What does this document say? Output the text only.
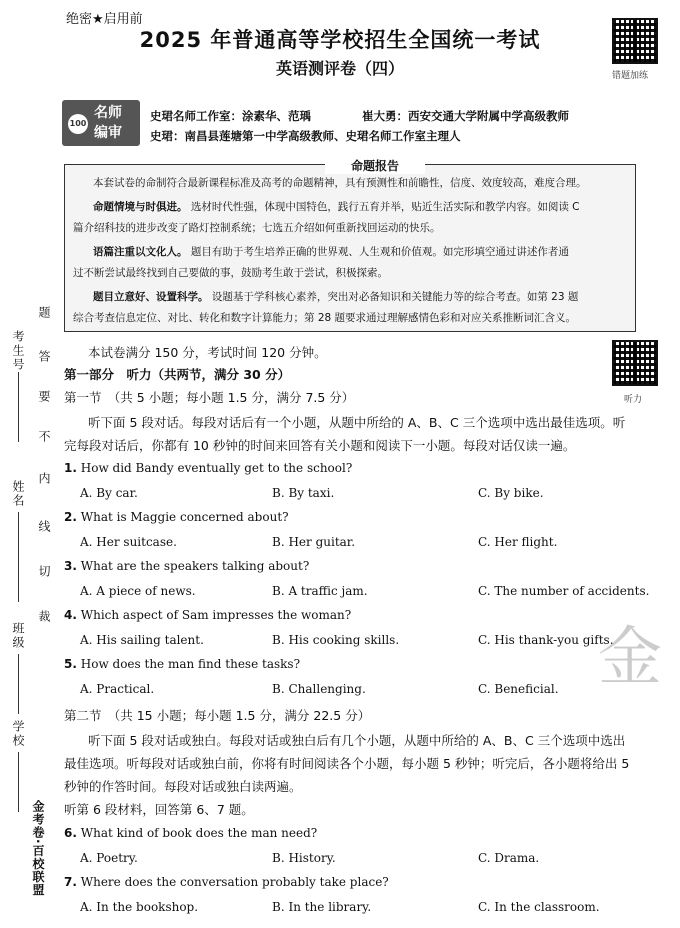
绝密★启用前
2025 年普通高等学校招生全国统一考试
英语测评卷（四）	错题加练
100
名师
编审
史珺名师工作室：涂素华、范瑀	崔大勇：西安交通大学附属中学高级教师
史珺：南昌县莲塘第一中学高级教师、史珺名师工作室主理人

本套试卷的命制符合最新课程标准及高考的命题精神，具有预测性和前瞻性，信度、效度较高，难度合理。

命题情境与时俱进。 选材时代性强，体现中国特色，践行五育并举，贴近生活实际和教学内容。如阅读 C

篇介绍科技的进步改变了路灯控制系统；七选五介绍如何重新找回运动的快乐。

语篇注重以文化人。 题目有助于考生培养正确的世界观、人生观和价值观。如完形填空通过讲述作者通

过不断尝试最终找到自己要做的事，鼓励考生敢于尝试，积极探索。

题目立意好、设置科学。 设题基于学科核心素养，突出对必备知识和关键能力等的综合考查。如第 23 题

综合考查信息定位、对比、转化和数字计算能力；第 28 题要求通过理解感情色彩和对应关系推断词汇含义。

命题报告
本试卷满分 150 分，考试时间 120 分钟。
听力
第一部分　听力（共两节，满分 30 分）
第一节　（共 5 小题；每小题 1.5 分，满分 7.5 分）
听下面 5 段对话。每段对话后有一个小题，从题中所给的 A、B、C 三个选项中选出最佳选项。听
完每段对话后，你都有 10 秒钟的时间来回答有关小题和阅读下一小题。每段对话仅读一遍。
1. How did Bandy eventually get to the school?
A. By car.	B. By taxi.	C. By bike.
2. What is Maggie concerned about?
A. Her suitcase.	B. Her guitar.	C. Her flight.
3. What are the speakers talking about?
A. A piece of news.	B. A traffic jam.	C. The number of accidents.
4. Which aspect of Sam impresses the woman?
A. His sailing talent.	B. His cooking skills.	C. His thank-you gifts.
5. How does the man find these tasks?
A. Practical.	B. Challenging.	C. Beneficial. 金
第二节　（共 15 小题；每小题 1.5 分，满分 22.5 分）
听下面 5 段对话或独白。每段对话或独白后有几个小题，从题中所给的 A、B、C 三个选项中选出
最佳选项。听每段对话或独白前，你将有时间阅读各个小题，每小题 5 秒钟；听完后，各小题将给出 5
秒钟的作答时间。每段对话或独白读两遍。
听第 6 段材料，回答第 6、7 题。
6. What kind of book does the man need?
A. Poetry.	B. History.	C. Drama.
7. Where does the conversation probably take place?
A. In the bookshop.	B. In the library.	C. In the classroom.
考生号
姓名
班级
学校
题
答
要
不
内
线
切
裁
金考卷·百校联盟
